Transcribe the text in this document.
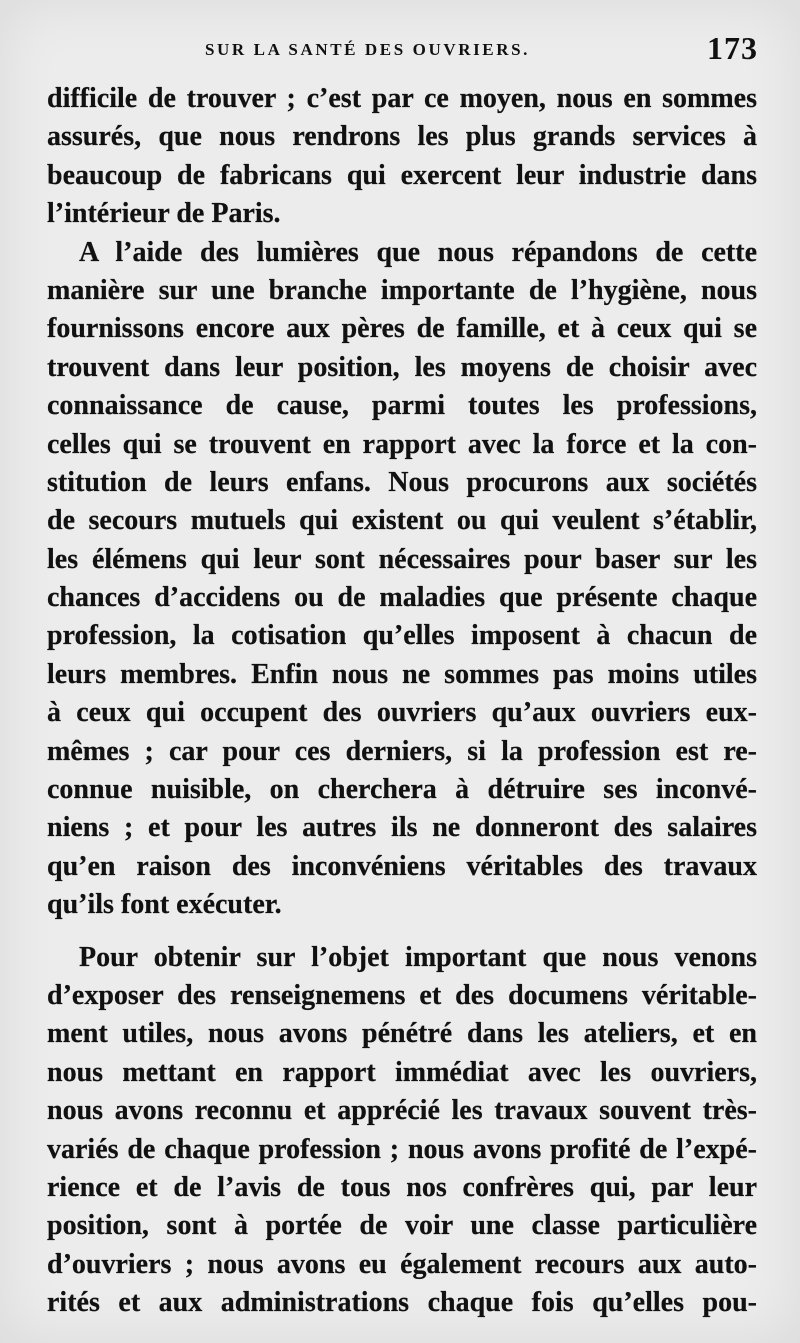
SUR LA SANTÉ DES OUVRIERS.	173
difficile de trouver ; c’est par ce moyen, nous en sommes
assurés, que nous rendrons les plus grands services à
beaucoup de fabricans qui exercent leur industrie dans
l’intérieur de Paris.
A l’aide des lumières que nous répandons de cette
manière sur une branche importante de l’hygiène, nous
fournissons encore aux pères de famille, et à ceux qui se
trouvent dans leur position, les moyens de choisir avec
connaissance de cause, parmi toutes les professions,
celles qui se trouvent en rapport avec la force et la con-
stitution de leurs enfans. Nous procurons aux sociétés
de secours mutuels qui existent ou qui veulent s’établir,
les élémens qui leur sont nécessaires pour baser sur les
chances d’accidens ou de maladies que présente chaque
profession, la cotisation qu’elles imposent à chacun de
leurs membres. Enfin nous ne sommes pas moins utiles
à ceux qui occupent des ouvriers qu’aux ouvriers eux-
mêmes ; car pour ces derniers, si la profession est re-
connue nuisible, on cherchera à détruire ses inconvé-
niens ; et pour les autres ils ne donneront des salaires
qu’en raison des inconvéniens véritables des travaux
qu’ils font exécuter.
Pour obtenir sur l’objet important que nous venons
d’exposer des renseignemens et des documens véritable-
ment utiles, nous avons pénétré dans les ateliers, et en
nous mettant en rapport immédiat avec les ouvriers,
nous avons reconnu et apprécié les travaux souvent très-
variés de chaque profession ; nous avons profité de l’expé-
rience et de l’avis de tous nos confrères qui, par leur
position, sont à portée de voir une classe particulière
d’ouvriers ; nous avons eu également recours aux auto-
rités et aux administrations chaque fois qu’elles pou-
